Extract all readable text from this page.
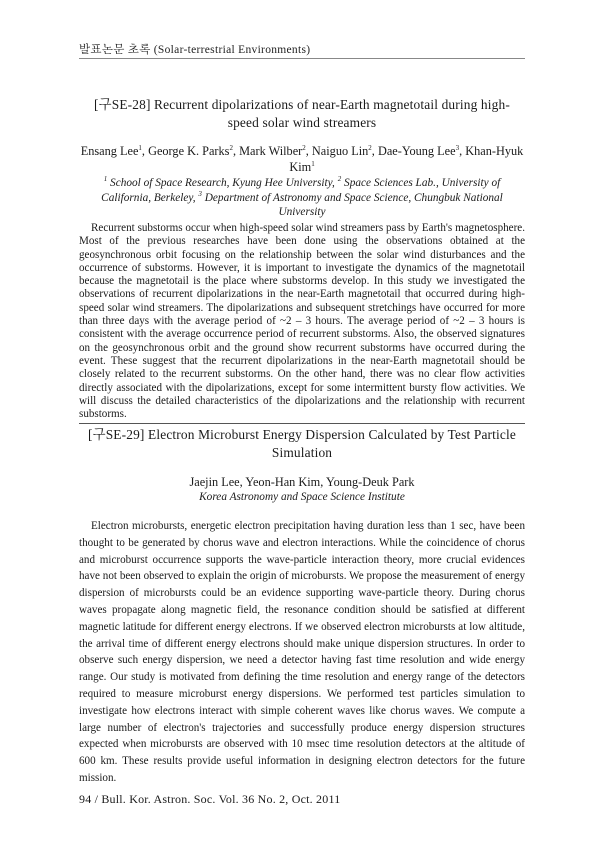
발표논문 초록 (Solar-terrestrial Environments)
[구SE-28] Recurrent dipolarizations of near-Earth magnetotail during high-speed solar wind streamers
Ensang Lee$^1$, George K. Parks$^2$, Mark Wilber$^2$, Naiguo Lin$^2$, Dae-Young Lee$^3$, Khan-Hyuk Kim$^1$
$^1$ School of Space Research, Kyung Hee University, $^2$ Space Sciences Lab., University of California, Berkeley, $^3$ Department of Astronomy and Space Science, Chungbuk National University

Recurrent substorms occur when high-speed solar wind streamers pass by Earth's magnetosphere. Most of the previous researches have been done using the observations obtained at the geosynchronous orbit focusing on the relationship between the solar wind disturbances and the occurrence of substorms. However, it is important to investigate the dynamics of the magnetotail because the magnetotail is the place where substorms develop. In this study we investigated the observations of recurrent dipolarizations in the near-Earth magnetotail that occurred during high-speed solar wind streamers. The dipolarizations and subsequent stretchings have occurred for more than three days with the average period of ~2 – 3 hours. The average period of ~2 – 3 hours is consistent with the average occurrence period of recurrent substorms. Also, the observed signatures on the geosynchronous orbit and the ground show recurrent substorms have occurred during the event. These suggest that the recurrent dipolarizations in the near-Earth magnetotail should be closely related to the recurrent substorms. On the other hand, there was no clear flow activities directly associated with the dipolarizations, except for some intermittent bursty flow activities. We will discuss the detailed characteristics of the dipolarizations and the relationship with recurrent substorms.

[구SE-29] Electron Microburst Energy Dispersion Calculated by Test Particle Simulation
Jaejin Lee, Yeon-Han Kim, Young-Deuk Park
Korea Astronomy and Space Science Institute

Electron microbursts, energetic electron precipitation having duration less than 1 sec, have been thought to be generated by chorus wave and electron interactions. While the coincidence of chorus and microburst occurrence supports the wave-particle interaction theory, more crucial evidences have not been observed to explain the origin of microbursts. We propose the measurement of energy dispersion of microbursts could be an evidence supporting wave-particle theory. During chorus waves propagate along magnetic field, the resonance condition should be satisfied at different magnetic latitude for different energy electrons. If we observed electron microbursts at low altitude, the arrival time of different energy electrons should make unique dispersion structures. In order to observe such energy dispersion, we need a detector having fast time resolution and wide energy range. Our study is motivated from defining the time resolution and energy range of the detectors required to measure microburst energy dispersions. We performed test particles simulation to investigate how electrons interact with simple coherent waves like chorus waves. We compute a large number of electron's trajectories and successfully produce energy dispersion structures expected when microbursts are observed with 10 msec time resolution detectors at the altitude of 600 km. These results provide useful information in designing electron detectors for the future mission.

94 / Bull. Kor. Astron. Soc. Vol. 36 No. 2, Oct. 2011
